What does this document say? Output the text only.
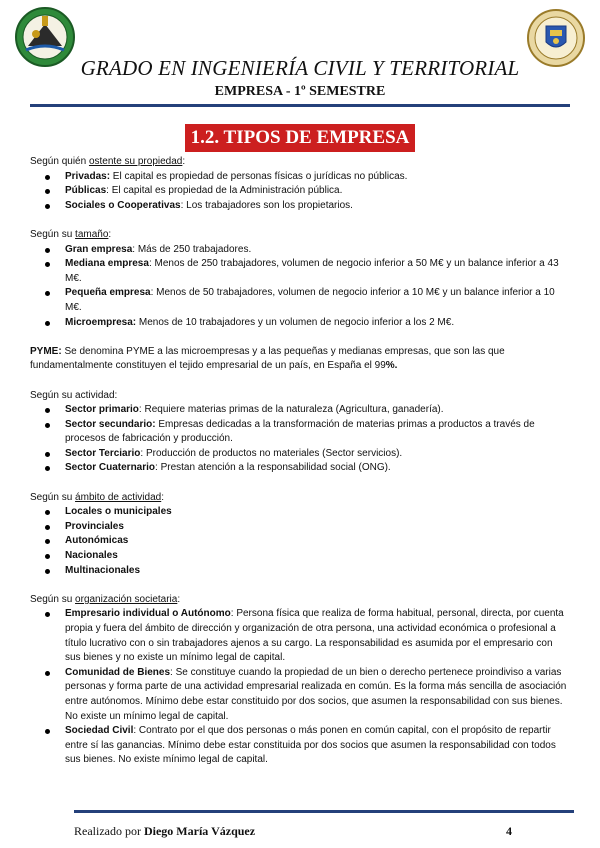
GRADO EN INGENIERÍA CIVIL Y TERRITORIAL
EMPRESA - 1º SEMESTRE
1.2. TIPOS DE EMPRESA

Según quién ostente su propiedad:

Privadas: El capital es propiedad de personas físicas o jurídicas no públicas.
Públicas: El capital es propiedad de la Administración pública.
Sociales o Cooperativas: Los trabajadores son los propietarios.

Según su tamaño:

Gran empresa: Más de 250 trabajadores.
Mediana empresa: Menos de 250 trabajadores, volumen de negocio inferior a 50 M€ y un balance inferior a 43 M€.
Pequeña empresa: Menos de 50 trabajadores, volumen de negocio inferior a 10 M€ y un balance inferior a 10 M€.
Microempresa: Menos de 10 trabajadores y un volumen de negocio inferior a los 2 M€.

PYME: Se denomina PYME a las microempresas y a las pequeñas y medianas empresas, que son las que fundamentalmente constituyen el tejido empresarial de un país, en España el 99%.

Según su actividad:

Sector primario: Requiere materias primas de la naturaleza (Agricultura, ganadería).
Sector secundario: Empresas dedicadas a la transformación de materias primas a productos a través de procesos de fabricación y producción.
Sector Terciario: Producción de productos no materiales (Sector servicios).
Sector Cuaternario: Prestan atención a la responsabilidad social (ONG).

Según su ámbito de actividad:

Locales o municipales
Provinciales
Autonómicas
Nacionales
Multinacionales

Según su organización societaria:

Empresario individual o Autónomo: Persona física que realiza de forma habitual, personal, directa, por cuenta propia y fuera del ámbito de dirección y organización de otra persona, una actividad económica o profesional a título lucrativo con o sin trabajadores ajenos a su cargo. La responsabilidad es asumida por el empresario con sus bienes y no existe un mínimo legal de capital.
Comunidad de Bienes: Se constituye cuando la propiedad de un bien o derecho pertenece proindiviso a varias personas y forma parte de una actividad empresarial realizada en común. Es la forma más sencilla de asociación entre autónomos. Mínimo debe estar constituido por dos socios, que asumen la responsabilidad con sus bienes. No existe un mínimo legal de capital.
Sociedad Civil: Contrato por el que dos personas o más ponen en común capital, con el propósito de repartir entre sí las ganancias. Mínimo debe estar constituida por dos socios que asumen la responsabilidad con todos sus bienes. No existe mínimo legal de capital.
Realizado por Diego María Vázquez	4
